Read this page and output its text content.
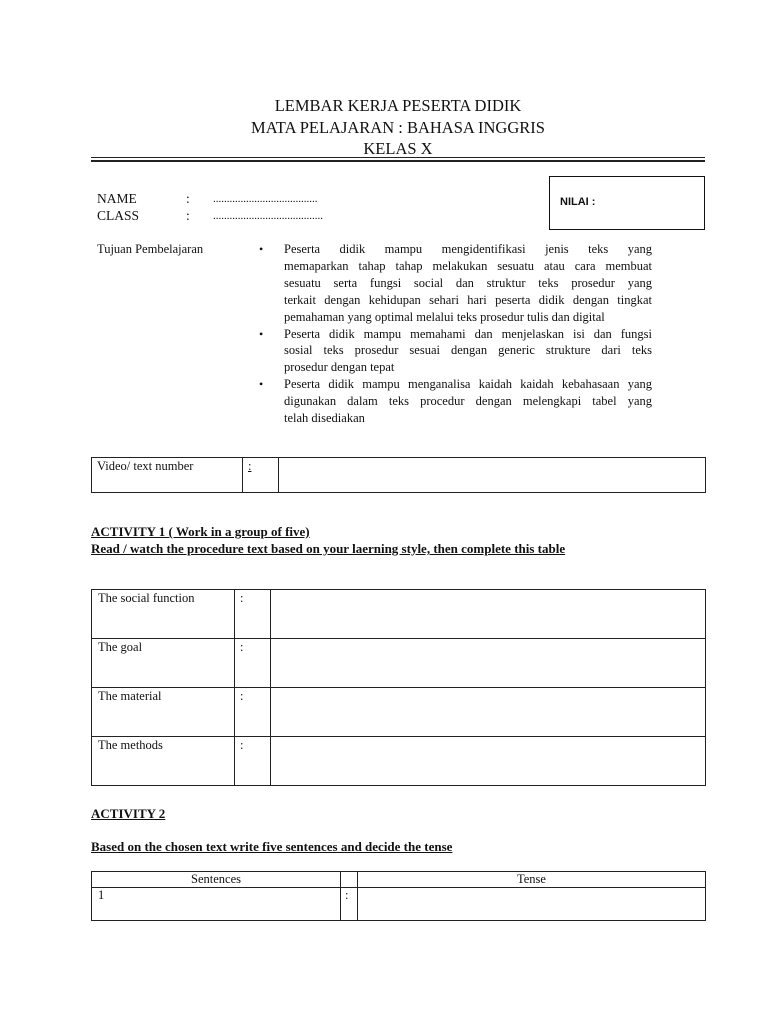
LEMBAR KERJA PESERTA DIDIK
MATA PELAJARAN : BAHASA INGGRIS
KELAS X
NAME	: ......................................
CLASS	: ........................................
NILAI :
Tujuan Pembelajaran	• Peserta didik mampu mengidentifikasi jenis teks yang
memaparkan tahap tahap melakukan sesuatu atau cara membuat
sesuatu serta fungsi social dan struktur teks prosedur yang
terkait dengan kehidupan sehari hari peserta didik dengan tingkat
pemahaman yang optimal melalui teks prosedur tulis dan digital
• Peserta didik mampu memahami dan menjelaskan isi dan fungsi
sosial teks prosedur sesuai dengan generic strukture dari teks
prosedur dengan tepat
• Peserta didik mampu menganalisa kaidah kaidah kebahasaan yang
digunakan dalam teks procedur dengan melengkapi tabel yang
telah disediakan
Video/ text number	:	
ACTIVITY 1 ( Work in a group of five)
Read / watch the procedure text based on your laerning style, then complete this table
The social function	:	
The goal	:	
The material	:	
The methods	:	
ACTIVITY 2
Based on the chosen text write five sentences and decide the tense
Sentences		Tense
1	:	
